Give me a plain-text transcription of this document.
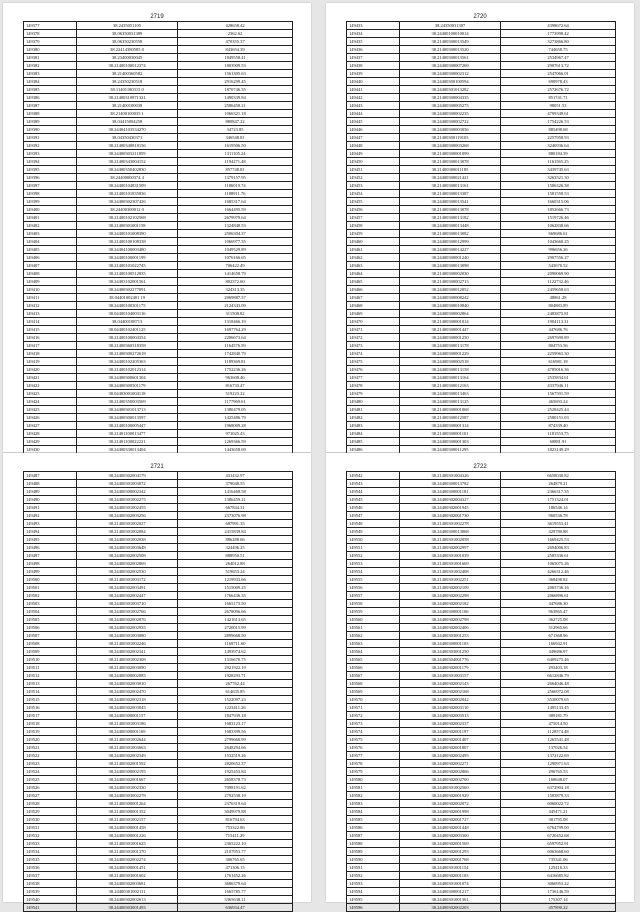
2719
149377	38.2435051105	428658.42
149378	38.06350031389	2362.62
149379	38.06350230558	470355.37
149380	38.22414380585 0	843654.39
149381	38.23400030045	1849558.41
149382	38.21400100012374	1803909.53
149383	38.21400360582	1561305.63
149384	38.24350230518	2916299.45
149385	38.11401180315 0	1870746.35
149386	38.21400310871321	1490339.84
149387	38.21400100038	2586458.21
149388	38.21400100035 1	1066321.18
149389	38.04415004258	880847.22
149390	38.24404103534270	34723.85
149391	38.04350430371	346548.81
149392	38.21400340818156	1619506.50
149393	38.24400303211859	1311105.24
149394	38.21400343004152	1194271.48
149395	38.24400350402830	857748.81
149396	38.24400000374 4	1379157.95
149397	38.24400104831509	1186019.74
149398	38.21400101835836	1188911.76
149399	38.24400302307426	1685317.64
149400	38.24400300012 0	1664495.59
149401	38.21400102102568	2679979.64
149402	38.21400301001158	1324848.53
149403	38.24400101008390	2506304.37
149404	38.21400100108338	1066977.35
149405	38.24404100003480	1049529.89
149406	38.24400100001199	1076166.65
149407	38.21400101022745	706422.49
149408	38.21400100512835	1414658.79
149409	38.24403102001561	802372.60
149410	38.24400302277091	324313.35
149411	38.04401002401 19	2969887.57
149412	38.24400100301175	2124343.09
149413	38.04400104003116	311508.82
149414	38.04400108713	1318466.19
149415	38.04400102401125	1697764.29
149416	38.21400100004354	2206673.64
149417	38.21400360318358	1164576.59
149418	38.21400300272618	1742840.79
149419	38.24400102205363	1189369.81
149420	38.21400102012314	1752236.26
149421	38.24400300601304	963608.46
149422	38.24400300501179	816733.47
149423	38.04403001004118	519223.22
149424	38.21400350003569	1177969.61
149425	38.24400301013713	1380479.05
149426	38.24400300013597	1425486.79
149427	38.21400100005447	1968009.28
149428	38.21401100013477	971025.43
149429	38.21401100022221	1269366.59
149430	38.24400330013404	1443658.69

2720
149433	38.24350031307	4398672.64
149434	38.24400100010014	1773998.42
149435	38.21400300013549	3273866.80
149436	38.21400300013520	744658.75
149437	38.21400300013561	2534967.47
149438	38.24400300007269	2907613.72
149439	38.24400300002312	2547066.01
149440	38.24400300100594	690978.43
149441	38.24400301013282	2572676.72
149442	38.21400300004335	851741.71
149443	38.24400300005275	98051.53
149444	38.24400300002235	4799349.61
149445	38.24400300002722	1754226.53
149446	38.24400300003056	885498.68
149447	38.21400300119103	2257958.93
149448	38.24400300003268	3246936.64
149449	38.21400300001099	880184.39
149450	38.21400300013078	1161565.25
149451	38.21400300011185	3439745.63
149452	38.24400300021421	3263521.30
149453	38.21400300013161	1506326.38
149454	38.21400300013387	1581558.53
149455	38.24400300013541	1660315.06
149456	38.21400300013078	1852666.73
149457	38.21400300013182	1519726.46
149458	38.24400300013448	1062838.66
149459	38.21400300013082	669686.61
149460	38.24400300012999	1043660.25
149461	38.24400300014227	996656.26
149462	38.24400300001240	2907556.27
149463	38.24400300013098	543670.52
149464	38.21400300002030	2090069.90
149465	38.21400300002713	1122732.46
149466	38.24400300012052	2459658.63
149467	38.24400300008242	48861.28
149468	38.24400300010840	804883.89
149469	38.24400300002864	2483875.81
149470	38.21400300001014	1904113.31
149471	38.21400300001447	447686.76
149472	38.24400300001250	2697690.89
149473	38.24400300013178	804753.56
149474	38.24400300001229	2259963.30
149475	38.24400300002518	616981.18
149476	38.24400300013158	4785016.36
149477	38.24400300013164	2535834.61
149478	38.21400300012163	4337946.11
149479	38.24400300013463	1567591.59
149480	38.24400300013125	465693.24
149481	38.21400300001068	2528425.44
149482	38.21400300012587	2580151.03
149483	38.24400300001314	874339.40
149484	38.21400300001101	1181553.75
149485	38.24400300001303	60881.91
149486	38.24400300011295	1823149.29

2721
149487	38.24400302004179	431432.97
149488	38.24400301003072	379048.55
149489	38.24400300002342	1416468.58
149490	38.24400301002275	1386459.21
149491	38.24400301002455	667844.31
149492	38.24400302003256	2373076.98
149493	38.21400301002027	687991.35
149494	38.21400301002084	2415839.84
149495	38.24400301002038	886288.66
149496	38.24400301003648	324496.25
149497	38.24400302002508	888950.51
149498	38.24400302002869	264012.88
149499	38.24400302002530	519653.24
149500	38.21400301003172	1219933.66
149501	38.24400302003491	1515009.25
149502	38.24400302002447	1766436.35
149503	38.24400301003710	1665173.50
149504	38.24400301002766	2678096.66
149505	38.24400302002876	1421613.65
149506	38.24400302002935	2720015.99
149507	38.24400301003080	2899668.50
149508	38.21400301002246	1169711.60
149509	38.24400302002341	1493974.62
149510	38.21400301002308	1316670.75
149511	38.21400302003090	2921922.19
149512	38.24400300002085	1928293.71
149513	38.24400302003010	267762.44
149514	38.24400302002470	614635.85
149515	38.24400302002318	1522097.23
149516	38.24400302003045	1223411.26
149517	38.24400300001157	1847939.18
149518	38.21400301003186	1683123.17
149519	38.24400300001169	1683399.56
149520	38.21400301002644	2799660.99
149521	38.21400301003663	2648294.66
149522	38.24400302002349	1532519.26
149523	38.21400302001592	2820652.37
149524	38.24400300002195	1925453.84
149525	38.24400302001667	2658378.73
149526	38.24400301002330	7098191.62
149527	38.24400303002278	2792538.19
149528	38.21400300001264	2376319.64
149529	38.21400300001352	3049979.88
149530	38.21400301002157	816794.63
149531	38.24400300001458	753322.86
149532	38.24400300001226	715411.29
149533	38.21400301001625	2365222.10
149534	38.21400301001370	2107953.77
149535	38.24400302002274	306765.65
149536	38.24400300001451	471306.15
149537	38.21400303001602	1761452.26
149538	38.24400302003681	3686379.64
149539	38.24400301002111	1665785.77
149540	38.24400302002613	3365638.11
149541	38.24400303001493	636934.47
2722
149542	38.21400301004326	6658030.82
149543	38.24400300013782	264879.21
149544	38.24400300001181	2366317.35
149545	38.24400302004327	1751324.01
149546	38.24400302001945	186546.14
149547	38.24400302001730	960536.78
149548	38.21400301002278	3619553.41
149549	38.24400300013068	429780.88
149550	38.21400301002058	1669425.53
149551	38.21400302002997	2694006.83
149552	38.24400301001039	2585336.61
149553	38.21400301001669	1065075.26
149554	38.21400301002408	4266312.46
149555	38.21400301002251	368498.82
149556	38.21400302002109	2065736.16
149557	38.24400302002298	2066896.61
149558	38.24400302002182	447686.30
149559	38.24400300001106	963865.47
149560	38.24400302002798	362725.08
149561	38.24400302002406	512965.66
149562	38.24400303001253	671368.96
149563	38.24400300001103	166942.91
149564	38.24400303001250	449686.97
149565	38.24400304001776	6409275.46
149566	38.24400302001179	293403.18
149567	38.24400301003157	6612846.79
149568	38.24400302002143	2664046.48
149569	38.24400302002168	2566972.08
149570	38.24400302002042	3530079.65
149571	38.24400302003110	1495133.45
149572	38.24400302003513	389181.79
149573	38.24400302002337	475014.50
149574	38.24400302001197	1128574.48
149575	38.24400302001407	1265541.48
149576	38.24400302001807	137026.54
149577	38.24400302002495	1372122.69
149578	38.24400302002271	1290971.63
149579	38.24400302002866	296765.53
149580	38.24400302002700	168648.07
149581	38.24400301002560	6372904.18
149582	38.24400302001929	1583879.33
149583	38.24400302002072	6060022.72
149584	38.24400302001998	445471.21
149585	38.24400302001727	381795.08
149586	38.24400302001448	6764799.00
149587	38.24400302003300	6720452.68
149588	38.24400302001569	6597952.91
149589	38.24400302001293	6063668.60
149590	38.24400302001768	735341.06
149591	38.24400301001154	125416.33
149592	38.24400302001103	6416685.82
149593	38.24400301001074	3066953.22
149594	38.24400300001217	1736146.59
149595	38.24400301001361	175307.14
149596	38.24400302002203	457890.22
